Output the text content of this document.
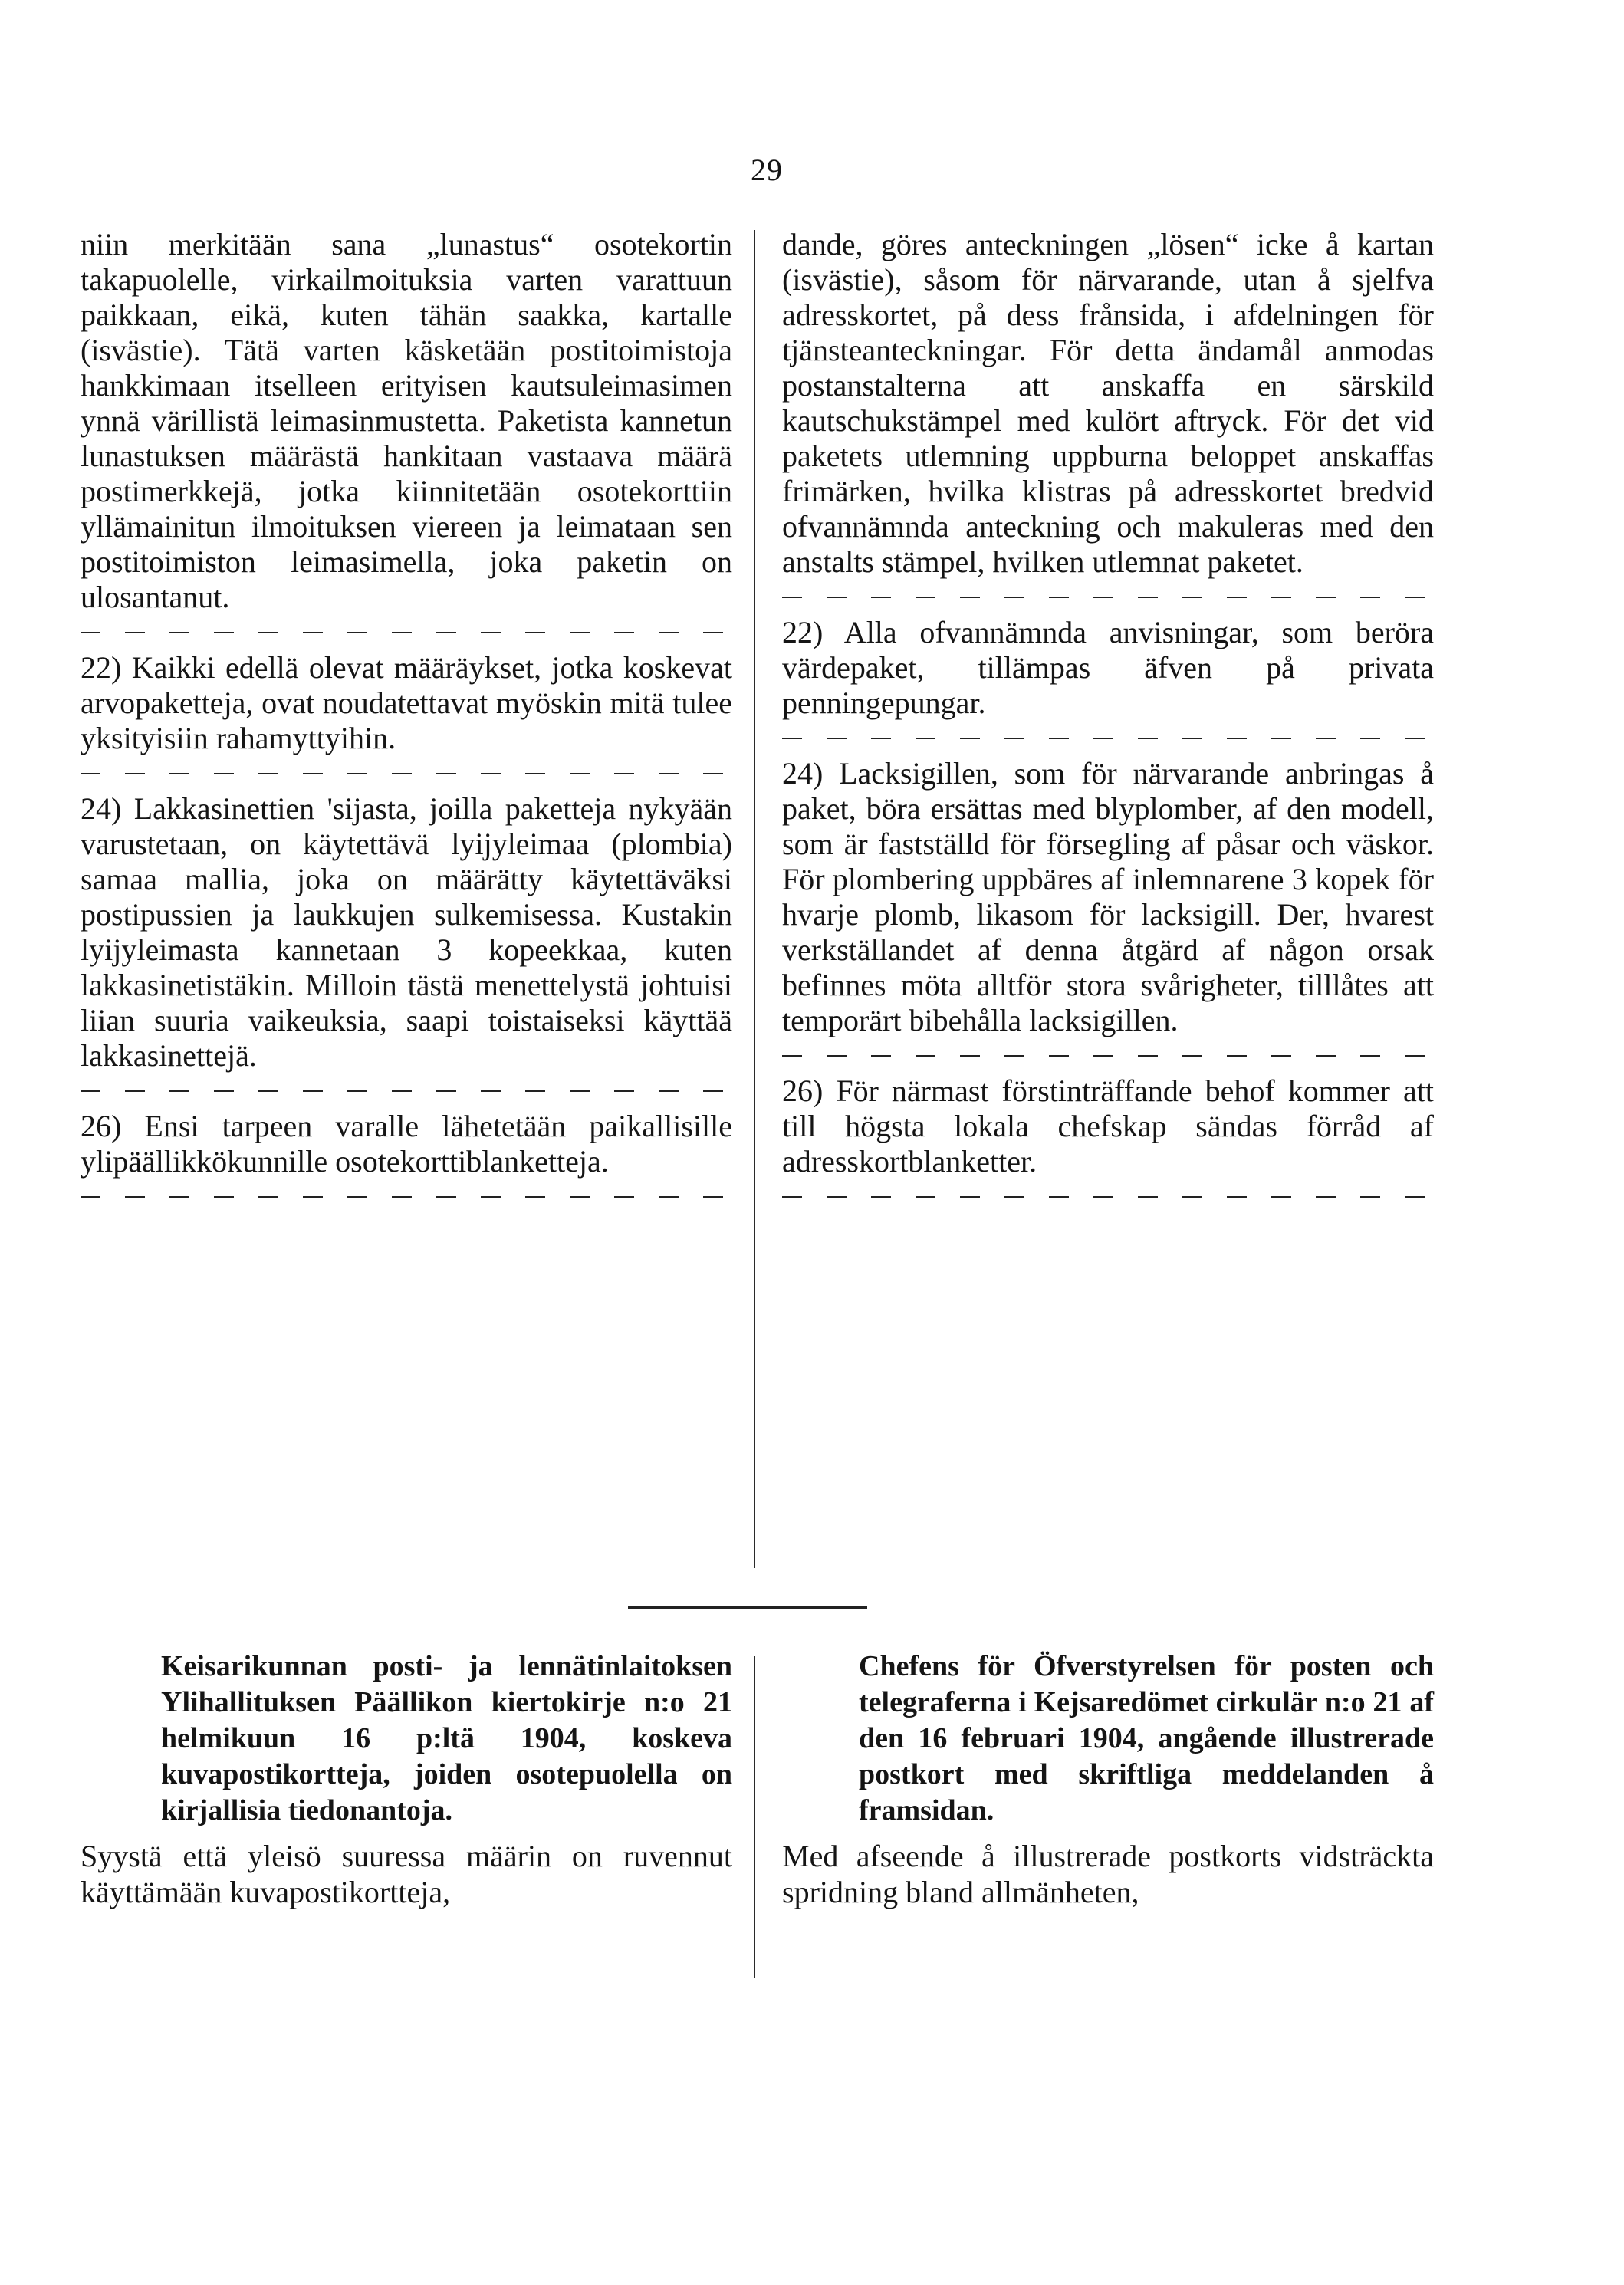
29

niin merkitään sana „lunastus“ osotekortin takapuolelle, virkailmoituksia varten varattuun paikkaan, eikä, kuten tähän saakka, kartalle (isvästie). Tätä varten käsketään postitoimistoja hankkimaan itselleen erityisen kautsuleimasimen ynnä värillistä leimasinmustetta. Paketista kannetun lunastuksen määrästä hankitaan vastaava määrä postimerkkejä, jotka kiinnitetään osotekorttiin yllämainitun ilmoituksen viereen ja leimataan sen postitoimiston leimasimella, joka paketin on ulosantanut.

22) Kaikki edellä olevat määräykset, jotka koskevat arvopaketteja, ovat noudatettavat myöskin mitä tulee yksityisiin rahamyttyihin.

24) Lakkasinettien 'sijasta, joilla paketteja nykyään varustetaan, on käytettävä lyijyleimaa (plombia) samaa mallia, joka on määrätty käytettäväksi postipussien ja laukkujen sulkemisessa. Kustakin lyijyleimasta kannetaan 3 kopeekkaa, kuten lakkasinetistäkin. Milloin tästä menettelystä johtuisi liian suuria vaikeuksia, saapi toistaiseksi käyttää lakkasinettejä.

26) Ensi tarpeen varalle lähetetään paikallisille ylipäällikkökunnille osotekorttiblanketteja.

dande, göres anteckningen „lösen“ icke å kartan (isvästie), såsom för närvarande, utan å sjelfva adresskortet, på dess frånsida, i afdelningen för tjänsteanteckningar. För detta ändamål anmodas postanstalterna att anskaffa en särskild kautschukstämpel med kulört aftryck. För det vid paketets utlemning uppburna beloppet anskaffas frimärken, hvilka klistras på adresskortet bredvid ofvannämnda anteckning och makuleras med den anstalts stämpel, hvilken utlemnat paketet.

22) Alla ofvannämnda anvisningar, som beröra värdepaket, tillämpas äfven på privata penningepungar.

24) Lacksigillen, som för närvarande anbringas å paket, böra ersättas med blyplomber, af den modell, som är fastställd för försegling af påsar och väskor. För plombering uppbäres af inlemnarene 3 kopek för hvarje plomb, likasom för lacksigill. Der, hvarest verkställandet af denna åtgärd af någon orsak befinnes möta alltför stora svårigheter, tilllåtes att temporärt bibehålla lacksigillen.

26) För närmast förstinträffande behof kommer att till högsta lokala chefskap sändas förråd af adresskortblanketter.

Keisarikunnan posti- ja lennätinlaitoksen Ylihallituksen Päällikon kiertokirje n:o 21 helmikuun 16 p:ltä 1904, koskeva kuvapostikortteja, joiden osotepuolella on kirjallisia tiedonantoja.

Syystä että yleisö suuressa määrin on ruvennut käyttämään kuvapostikortteja,

Chefens för Öfverstyrelsen för posten och telegraferna i Kejsaredömet cirkulär n:o 21 af den 16 februari 1904, angående illustrerade postkort med skriftliga meddelanden å framsidan.

Med afseende å illustrerade postkorts vidsträckta spridning bland allmänheten,
